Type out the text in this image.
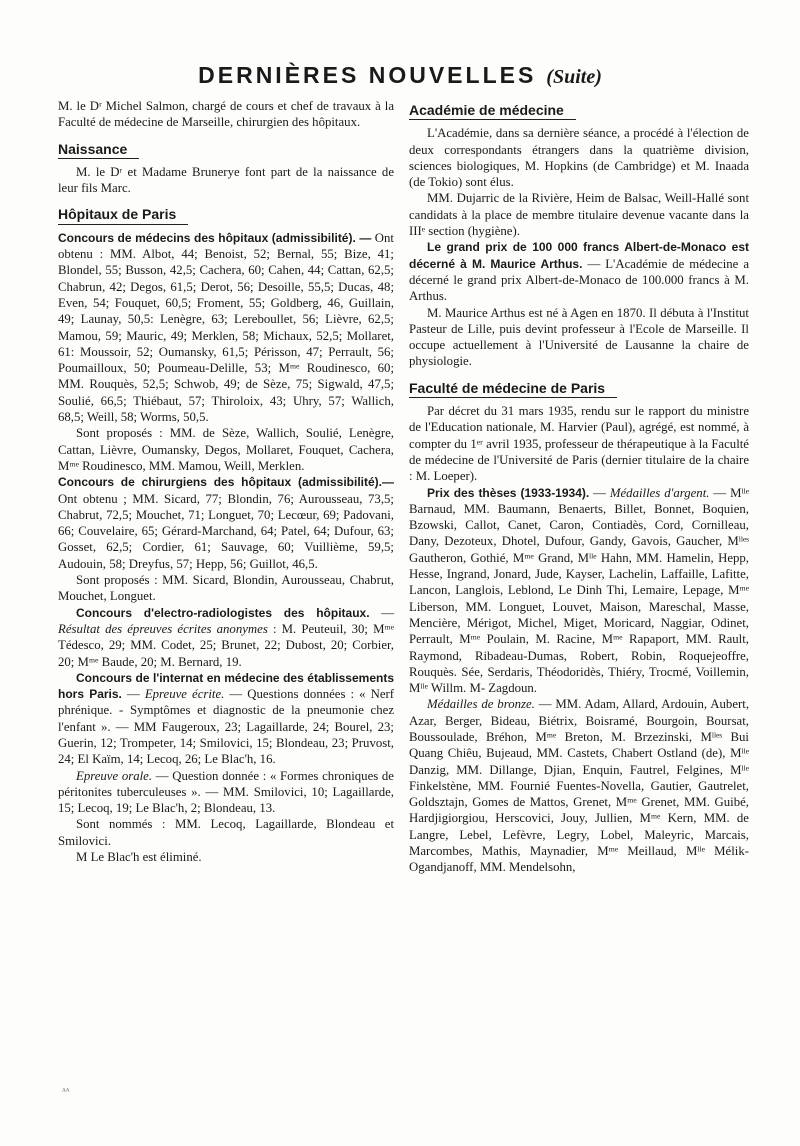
DERNIÈRES NOUVELLES (Suite)

M. le Dʳ Michel Salmon, chargé de cours et chef de travaux à la Faculté de médecine de Marseille, chirurgien des hôpitaux.

Naissance

M. le Dʳ et Madame Brunerye font part de la naissance de leur fils Marc.

Hôpitaux de Paris

Concours de médecins des hôpitaux (admissibilité). — Ont obtenu : MM. Albot, 44; Benoist, 52; Bernal, 55; Bize, 41; Blondel, 55; Busson, 42,5; Cachera, 60; Cahen, 44; Cattan, 62,5; Chabrun, 42; Degos, 61,5; Derot, 56; Desoille, 55,5; Ducas, 48; Even, 54; Fouquet, 60,5; Froment, 55; Goldberg, 46, Guillain, 49; Launay, 50,5: Lenègre, 63; Lereboullet, 56; Lièvre, 62,5; Mamou, 59; Mauric, 49; Merklen, 58; Michaux, 52,5; Mollaret, 61: Moussoir, 52; Oumansky, 61,5; Périsson, 47; Perrault, 56; Poumailloux, 50; Poumeau-Delille, 53; Mᵐᵉ Roudinesco, 60; MM. Rouquès, 52,5; Schwob, 49; de Sèze, 75; Sigwald, 47,5; Soulié, 66,5; Thiébaut, 57; Thiroloix, 43; Uhry, 57; Wallich, 68,5; Weill, 58; Worms, 50,5.

Sont proposés : MM. de Sèze, Wallich, Soulié, Lenègre, Cattan, Lièvre, Oumansky, Degos, Mollaret, Fouquet, Cachera, Mᵐᵉ Roudinesco, MM. Mamou, Weill, Merklen.

Concours de chirurgiens des hôpitaux (admissibilité).— Ont obtenu ; MM. Sicard, 77; Blondin, 76; Aurousseau, 73,5; Chabrut, 72,5; Mouchet, 71; Longuet, 70; Lecœur, 69; Padovani, 66; Couvelaire, 65; Gérard-Marchand, 64; Patel, 64; Dufour, 63; Gosset, 62,5; Cordier, 61; Sauvage, 60; Vuillième, 59,5; Audouin, 58; Dreyfus, 57; Hepp, 56; Guillot, 46,5.

Sont proposés : MM. Sicard, Blondin, Aurousseau, Chabrut, Mouchet, Longuet.

Concours d'electro-radiologistes des hôpitaux. — Résultat des épreuves écrites anonymes : M. Peuteuil, 30; Mᵐᵉ Tédesco, 29; MM. Codet, 25; Brunet, 22; Dubost, 20; Corbier, 20; Mᵐᵉ Baude, 20; M. Bernard, 19.

Concours de l'internat en médecine des établissements hors Paris. — Epreuve écrite. — Questions données : « Nerf phrénique. - Symptômes et diagnostic de la pneumonie chez l'enfant ». — MM Faugeroux, 23; Lagaillarde, 24; Bourel, 23; Guerin, 12; Trompeter, 14; Smilovici, 15; Blondeau, 23; Pruvost, 24; El Kaïm, 14; Lecoq, 26; Le Blac'h, 16.

Epreuve orale. — Question donnée : « Formes chroniques de péritonites tuberculeuses ». — MM. Smilovici, 10; Lagaillarde, 15; Lecoq, 19; Le Blac'h, 2; Blondeau, 13.

Sont nommés : MM. Lecoq, Lagaillarde, Blondeau et Smilovici.

M Le Blac'h est éliminé.

Académie de médecine

L'Académie, dans sa dernière séance, a procédé à l'élection de deux correspondants étrangers dans la quatrième division, sciences biologiques, M. Hopkins (de Cambridge) et M. Inaada (de Tokio) sont élus.

MM. Dujarric de la Rivière, Heim de Balsac, Weill-Hallé sont candidats à la place de membre titulaire devenue vacante dans la IIIᵉ section (hygiène).

Le grand prix de 100 000 francs Albert-de-Monaco est décerné à M. Maurice Arthus. — L'Académie de médecine a décerné le grand prix Albert-de-Monaco de 100.000 francs à M. Arthus.

M. Maurice Arthus est né à Agen en 1870. Il débuta à l'Institut Pasteur de Lille, puis devint professeur à l'Ecole de Marseille. Il occupe actuellement à l'Université de Lausanne la chaire de physiologie.

Faculté de médecine de Paris

Par décret du 31 mars 1935, rendu sur le rapport du ministre de l'Education nationale, M. Harvier (Paul), agrégé, est nommé, à compter du 1ᵉʳ avril 1935, professeur de thérapeutique à la Faculté de médecine de l'Université de Paris (dernier titulaire de la chaire : M. Loeper).

Prix des thèses (1933-1934). — Médailles d'argent. — Mˡˡᵉ Barnaud, MM. Baumann, Benaerts, Billet, Bonnet, Boquien, Bzowski, Callot, Canet, Caron, Contiadès, Cord, Cornilleau, Dany, Dezoteux, Dhotel, Dufour, Gandy, Gavois, Gaucher, Mˡˡᵉˢ Gautheron, Gothié, Mᵐᵉ Grand, Mˡˡᵉ Hahn, MM. Hamelin, Hepp, Hesse, Ingrand, Jonard, Jude, Kayser, Lachelin, Laffaille, Lafitte, Lancon, Langlois, Leblond, Le Dinh Thi, Lemaire, Lepage, Mᵐᵉ Liberson, MM. Longuet, Louvet, Maison, Mareschal, Masse, Mencière, Mérigot, Michel, Miget, Moricard, Naggiar, Odinet, Perrault, Mᵐᵉ Poulain, M. Racine, Mᵐᵉ Rapaport, MM. Rault, Raymond, Ribadeau-Dumas, Robert, Robin, Roquejeoffre, Rouquès. Sée, Serdaris, Théodoridès, Thiéry, Trocmé, Voillemin, Mˡˡᵉ Willm. M- Zagdoun.

Médailles de bronze. — MM. Adam, Allard, Ardouin, Aubert, Azar, Berger, Bideau, Biétrix, Boisramé, Bourgoin, Boursat, Boussoulade, Bréhon, Mᵐᵉ Breton, M. Brzezinski, Mˡˡᵉˢ Bui Quang Chiêu, Bujeaud, MM. Castets, Chabert Ostland (de), Mˡˡᵉ Danzig, MM. Dillange, Djian, Enquin, Fautrel, Felgines, Mˡˡᵉ Finkelstène, MM. Fournié Fuentes-Novella, Gautier, Gautrelet, Goldsztajn, Gomes de Mattos, Grenet, Mᵐᵉ Grenet, MM. Guibé, Hardjigiorgiou, Herscovici, Jouy, Jullien, Mᵐᵉ Kern, MM. de Langre, Lebel, Lefèvre, Legry, Lobel, Maleyric, Marcais, Marcombes, Mathis, Maynadier, Mᵐᵉ Meillaud, Mˡˡᵉ Mélik-Ogandjanoff, MM. Mendelsohn,

ᴬᴬ
